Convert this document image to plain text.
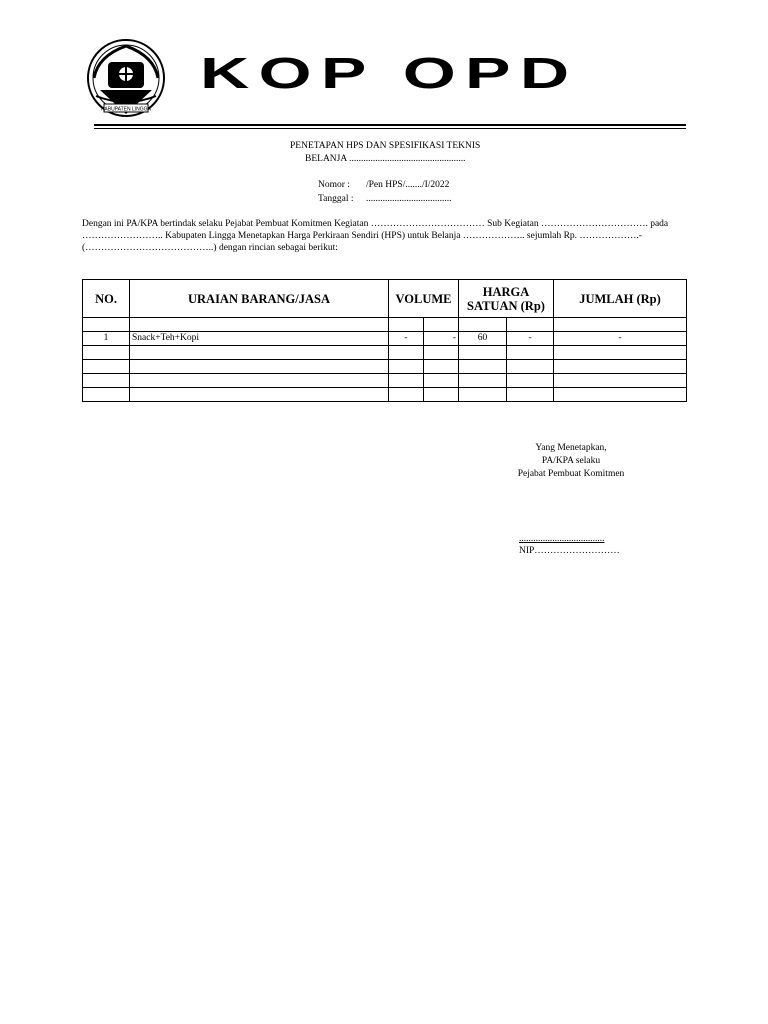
KABUPATEN LINGGA
KOP OPD
PENETAPAN HPS DAN SPESIFIKASI TEKNIS
BELANJA .................................................
Nomor : /Pen HPS/......./I/2022
Tanggal : ....................................
Dengan ini PA/KPA bertindak selaku Pejabat Pembuat Komitmen Kegiatan ……………………………… Sub Kegiatan ……………………………. pada
…………………….. Kabupaten Lingga Menetapkan Harga Perkiraan Sendiri (HPS) untuk Belanja ……………….. sejumlah Rp. ……………….-
(…………………………………..) dengan rincian sebagai berikut:
NO.	URAIAN BARANG/JASA	VOLUME		HARGA SATUAN (Rp)		JUMLAH (Rp)

1	Snack+Teh+Kopi	-	-	60	-	-

Yang Menetapkan,
PA/KPA selaku
Pejabat Pembuat Komitmen
....................................
NIP………………………
